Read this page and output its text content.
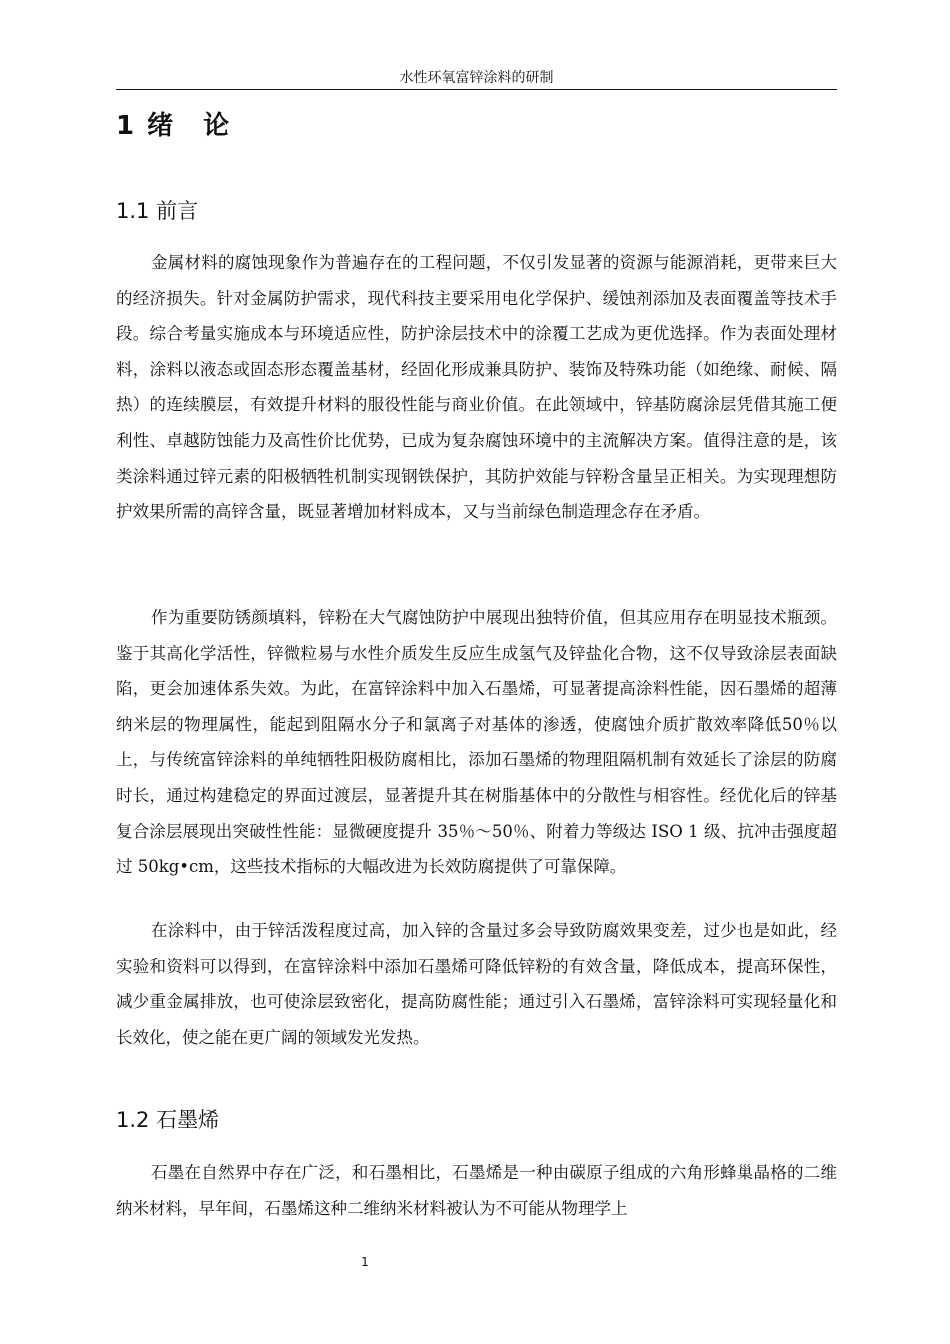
水性环氧富锌涂料的研制
1 绪　论
1.1 前言

金属材料的腐蚀现象作为普遍存在的工程问题，不仅引发显著的资源与能源消耗，更带来巨大的经济损失。针对金属防护需求，现代科技主要采用电化学保护、缓蚀剂添加及表面覆盖等技术手段。综合考量实施成本与环境适应性，防护涂层技术中的涂覆工艺成为更优选择。作为表面处理材料，涂料以液态或固态形态覆盖基材，经固化形成兼具防护、装饰及特殊功能（如绝缘、耐候、隔热）的连续膜层，有效提升材料的服役性能与商业价值。在此领域中，锌基防腐涂层凭借其施工便利性、卓越防蚀能力及高性价比优势，已成为复杂腐蚀环境中的主流解决方案。值得注意的是，该类涂料通过锌元素的阳极牺牲机制实现钢铁保护，其防护效能与锌粉含量呈正相关。为实现理想防护效果所需的高锌含量，既显著增加材料成本，又与当前绿色制造理念存在矛盾。

作为重要防锈颜填料，锌粉在大气腐蚀防护中展现出独特价值，但其应用存在明显技术瓶颈。鉴于其高化学活性，锌微粒易与水性介质发生反应生成氢气及锌盐化合物，这不仅导致涂层表面缺陷，更会加速体系失效。为此，在富锌涂料中加入石墨烯，可显著提高涂料性能，因石墨烯的超薄纳米层的物理属性，能起到阻隔水分子和氯离子对基体的渗透，使腐蚀介质扩散效率降低50％以上，与传统富锌涂料的单纯牺牲阳极防腐相比，添加石墨烯的物理阻隔机制有效延长了涂层的防腐时长，通过构建稳定的界面过渡层，显著提升其在树脂基体中的分散性与相容性。经优化后的锌基复合涂层展现出突破性性能：显微硬度提升 35％～50％、附着力等级达 ISO 1 级、抗冲击强度超过 50kg•cm，这些技术指标的大幅改进为长效防腐提供了可靠保障。

在涂料中，由于锌活泼程度过高，加入锌的含量过多会导致防腐效果变差，过少也是如此，经实验和资料可以得到，在富锌涂料中添加石墨烯可降低锌粉的有效含量，降低成本，提高环保性，减少重金属排放，也可使涂层致密化，提高防腐性能；通过引入石墨烯，富锌涂料可实现轻量化和长效化，使之能在更广阔的领域发光发热。

1.2 石墨烯

石墨在自然界中存在广泛，和石墨相比，石墨烯是一种由碳原子组成的六角形蜂巢晶格的二维纳米材料，早年间，石墨烯这种二维纳米材料被认为不可能从物理学上

1
